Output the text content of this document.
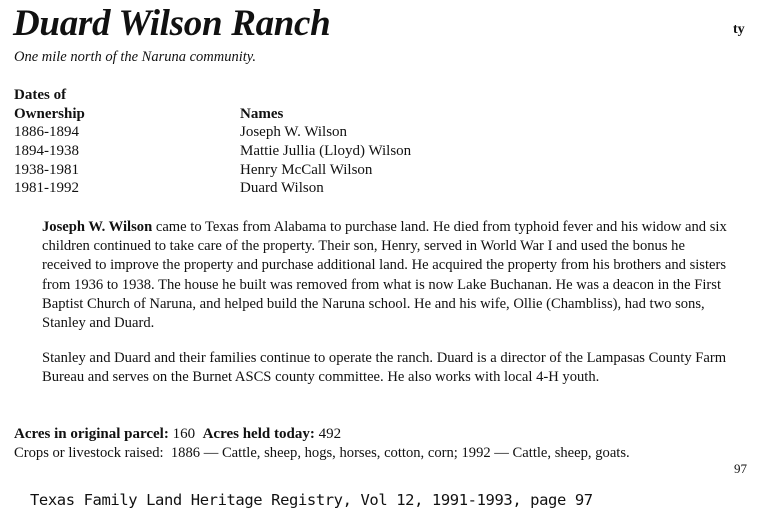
Duard Wilson Ranch	ty
One mile north of the Naruna community.
Dates of
Ownership	Names
1886-1894	Joseph W. Wilson
1894-1938	Mattie Jullia (Lloyd) Wilson
1938-1981	Henry McCall Wilson
1981-1992	Duard Wilson
Joseph W. Wilson came to Texas from Alabama to purchase land. He died from typhoid fever and his widow and six children continued to take care of the property. Their son, Henry, served in World War I and used the bonus he received to improve the property and purchase additional land. He acquired the property from his brothers and sisters from 1936 to 1938. The house he built was removed from what is now Lake Buchanan. He was a deacon in the First Baptist Church of Naruna, and helped build the Naruna school. He and his wife, Ollie (Chambliss), had two sons, Stanley and Duard.
Stanley and Duard and their families continue to operate the ranch. Duard is a director of the Lampasas County Farm Bureau and serves on the Burnet ASCS county committee. He also works with local 4-H youth.
Acres in original parcel: 160 Acres held today: 492
Crops or livestock raised: 1886 — Cattle, sheep, hogs, horses, cotton, corn; 1992 — Cattle, sheep, goats.
97
Texas Family Land Heritage Registry, Vol 12, 1991-1993, page 97
